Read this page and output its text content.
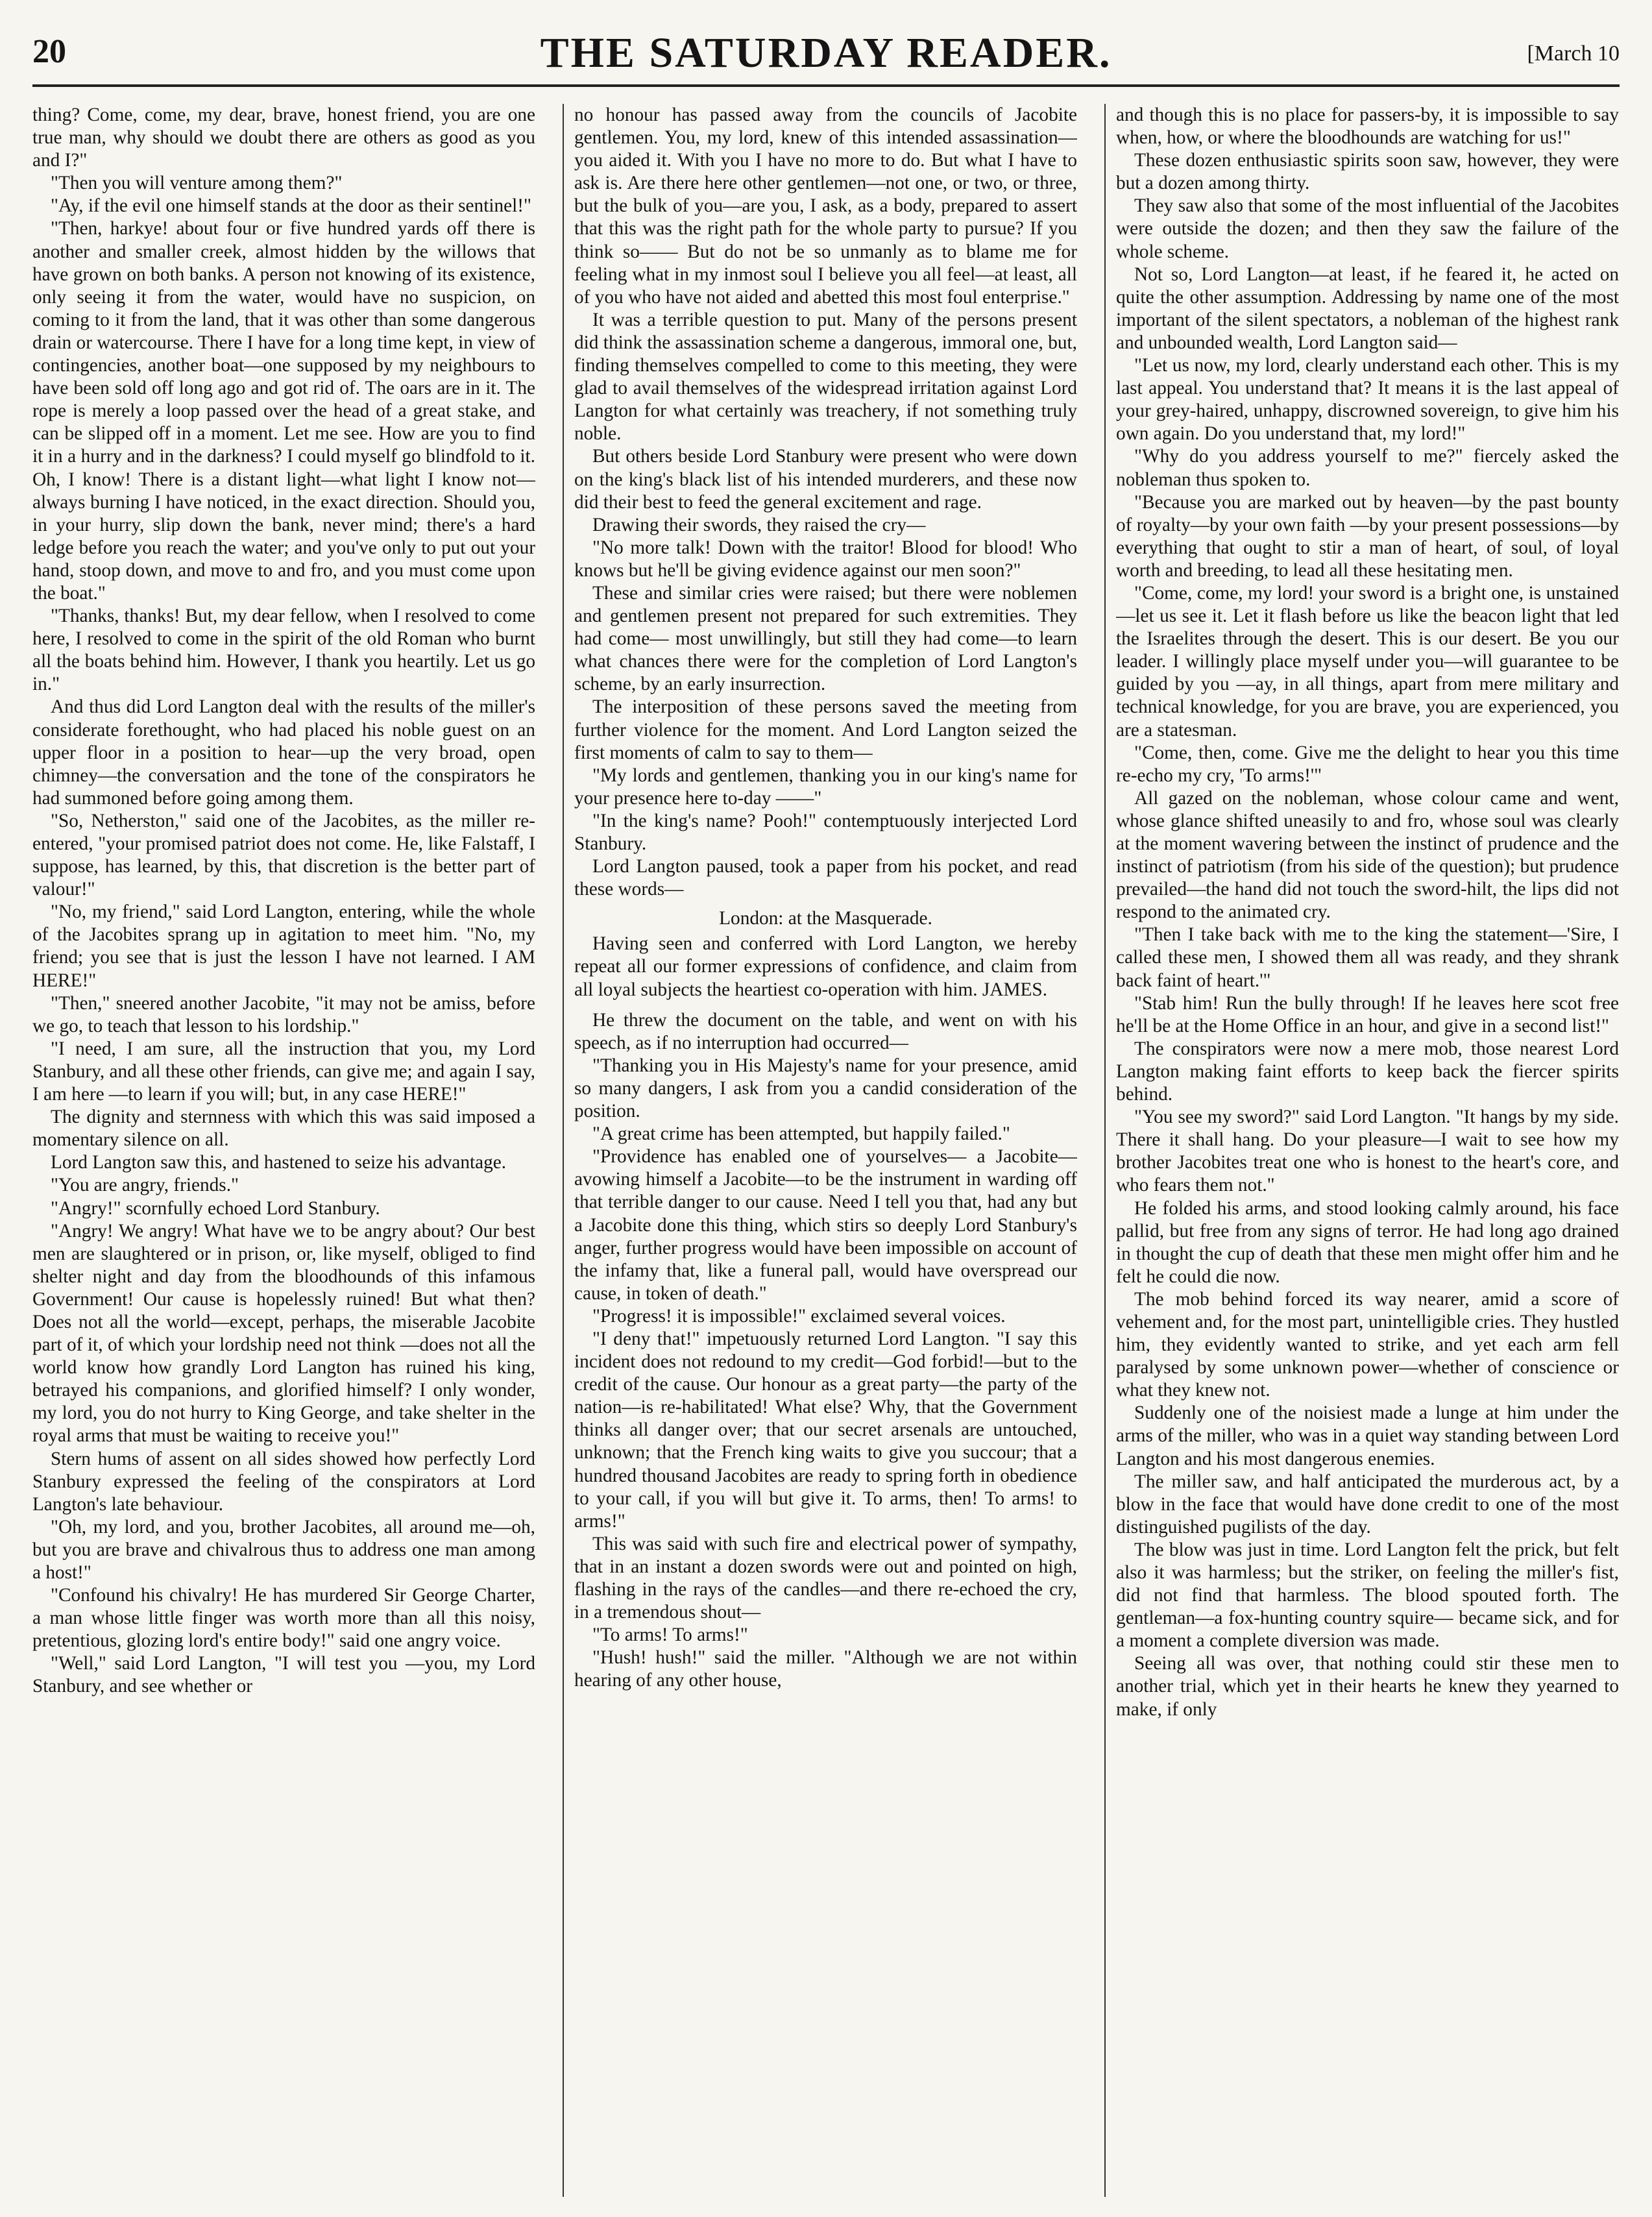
20	THE SATURDAY READER.	[March 10

thing? Come, come, my dear, brave, honest friend, you are one true man, why should we doubt there are others as good as you and I?"

"Then you will venture among them?"

"Ay, if the evil one himself stands at the door as their sentinel!"

"Then, harkye! about four or five hundred yards off there is another and smaller creek, almost hidden by the willows that have grown on both banks. A person not knowing of its existence, only seeing it from the water, would have no suspicion, on coming to it from the land, that it was other than some dangerous drain or watercourse. There I have for a long time kept, in view of contingencies, another boat—one supposed by my neighbours to have been sold off long ago and got rid of. The oars are in it. The rope is merely a loop passed over the head of a great stake, and can be slipped off in a moment. Let me see. How are you to find it in a hurry and in the darkness? I could myself go blindfold to it. Oh, I know! There is a distant light—what light I know not—always burning I have noticed, in the exact direction. Should you, in your hurry, slip down the bank, never mind; there's a hard ledge before you reach the water; and you've only to put out your hand, stoop down, and move to and fro, and you must come upon the boat."

"Thanks, thanks! But, my dear fellow, when I resolved to come here, I resolved to come in the spirit of the old Roman who burnt all the boats behind him. However, I thank you heartily. Let us go in."

And thus did Lord Langton deal with the results of the miller's considerate forethought, who had placed his noble guest on an upper floor in a position to hear—up the very broad, open chimney—the conversation and the tone of the conspirators he had summoned before going among them.

"So, Netherston," said one of the Jacobites, as the miller re-entered, "your promised patriot does not come. He, like Falstaff, I suppose, has learned, by this, that discretion is the better part of valour!"

"No, my friend," said Lord Langton, entering, while the whole of the Jacobites sprang up in agitation to meet him. "No, my friend; you see that is just the lesson I have not learned. I AM HERE!"

"Then," sneered another Jacobite, "it may not be amiss, before we go, to teach that lesson to his lordship."

"I need, I am sure, all the instruction that you, my Lord Stanbury, and all these other friends, can give me; and again I say, I am here —to learn if you will; but, in any case HERE!"

The dignity and sternness with which this was said imposed a momentary silence on all.

Lord Langton saw this, and hastened to seize his advantage.

"You are angry, friends."

"Angry!" scornfully echoed Lord Stanbury.

"Angry! We angry! What have we to be angry about? Our best men are slaughtered or in prison, or, like myself, obliged to find shelter night and day from the bloodhounds of this infamous Government! Our cause is hopelessly ruined! But what then? Does not all the world—except, perhaps, the miserable Jacobite part of it, of which your lordship need not think —does not all the world know how grandly Lord Langton has ruined his king, betrayed his companions, and glorified himself? I only wonder, my lord, you do not hurry to King George, and take shelter in the royal arms that must be waiting to receive you!"

Stern hums of assent on all sides showed how perfectly Lord Stanbury expressed the feeling of the conspirators at Lord Langton's late behaviour.

"Oh, my lord, and you, brother Jacobites, all around me—oh, but you are brave and chivalrous thus to address one man among a host!"

"Confound his chivalry! He has murdered Sir George Charter, a man whose little finger was worth more than all this noisy, pretentious, glozing lord's entire body!" said one angry voice.

"Well," said Lord Langton, "I will test you —you, my Lord Stanbury, and see whether or

no honour has passed away from the councils of Jacobite gentlemen. You, my lord, knew of this intended assassination—you aided it. With you I have no more to do. But what I have to ask is. Are there here other gentlemen—not one, or two, or three, but the bulk of you—are you, I ask, as a body, prepared to assert that this was the right path for the whole party to pursue? If you think so—— But do not be so unmanly as to blame me for feeling what in my inmost soul I believe you all feel—at least, all of you who have not aided and abetted this most foul enterprise."

It was a terrible question to put. Many of the persons present did think the assassination scheme a dangerous, immoral one, but, finding themselves compelled to come to this meeting, they were glad to avail themselves of the widespread irritation against Lord Langton for what certainly was treachery, if not something truly noble.

But others beside Lord Stanbury were present who were down on the king's black list of his intended murderers, and these now did their best to feed the general excitement and rage.

Drawing their swords, they raised the cry—

"No more talk! Down with the traitor! Blood for blood! Who knows but he'll be giving evidence against our men soon?"

These and similar cries were raised; but there were noblemen and gentlemen present not prepared for such extremities. They had come— most unwillingly, but still they had come—to learn what chances there were for the completion of Lord Langton's scheme, by an early insurrection.

The interposition of these persons saved the meeting from further violence for the moment. And Lord Langton seized the first moments of calm to say to them—

"My lords and gentlemen, thanking you in our king's name for your presence here to-day ——"

"In the king's name? Pooh!" contemptuously interjected Lord Stanbury.

Lord Langton paused, took a paper from his pocket, and read these words—

London: at the Masquerade.

Having seen and conferred with Lord Langton, we hereby repeat all our former expressions of confidence, and claim from all loyal subjects the heartiest co-operation with him. JAMES.

He threw the document on the table, and went on with his speech, as if no interruption had occurred—

"Thanking you in His Majesty's name for your presence, amid so many dangers, I ask from you a candid consideration of the position.

"A great crime has been attempted, but happily failed."

"Providence has enabled one of yourselves— a Jacobite—avowing himself a Jacobite—to be the instrument in warding off that terrible danger to our cause. Need I tell you that, had any but a Jacobite done this thing, which stirs so deeply Lord Stanbury's anger, further progress would have been impossible on account of the infamy that, like a funeral pall, would have overspread our cause, in token of death."

"Progress! it is impossible!" exclaimed several voices.

"I deny that!" impetuously returned Lord Langton. "I say this incident does not redound to my credit—God forbid!—but to the credit of the cause. Our honour as a great party—the party of the nation—is re-habilitated! What else? Why, that the Government thinks all danger over; that our secret arsenals are untouched, unknown; that the French king waits to give you succour; that a hundred thousand Jacobites are ready to spring forth in obedience to your call, if you will but give it. To arms, then! To arms! to arms!"

This was said with such fire and electrical power of sympathy, that in an instant a dozen swords were out and pointed on high, flashing in the rays of the candles—and there re-echoed the cry, in a tremendous shout—

"To arms! To arms!"

"Hush! hush!" said the miller. "Although we are not within hearing of any other house,

and though this is no place for passers-by, it is impossible to say when, how, or where the bloodhounds are watching for us!"

These dozen enthusiastic spirits soon saw, however, they were but a dozen among thirty.

They saw also that some of the most influential of the Jacobites were outside the dozen; and then they saw the failure of the whole scheme.

Not so, Lord Langton—at least, if he feared it, he acted on quite the other assumption. Addressing by name one of the most important of the silent spectators, a nobleman of the highest rank and unbounded wealth, Lord Langton said—

"Let us now, my lord, clearly understand each other. This is my last appeal. You understand that? It means it is the last appeal of your grey-haired, unhappy, discrowned sovereign, to give him his own again. Do you understand that, my lord!"

"Why do you address yourself to me?" fiercely asked the nobleman thus spoken to.

"Because you are marked out by heaven—by the past bounty of royalty—by your own faith —by your present possessions—by everything that ought to stir a man of heart, of soul, of loyal worth and breeding, to lead all these hesitating men.

"Come, come, my lord! your sword is a bright one, is unstained—let us see it. Let it flash before us like the beacon light that led the Israelites through the desert. This is our desert. Be you our leader. I willingly place myself under you—will guarantee to be guided by you —ay, in all things, apart from mere military and technical knowledge, for you are brave, you are experienced, you are a statesman.

"Come, then, come. Give me the delight to hear you this time re-echo my cry, 'To arms!'"

All gazed on the nobleman, whose colour came and went, whose glance shifted uneasily to and fro, whose soul was clearly at the moment wavering between the instinct of prudence and the instinct of patriotism (from his side of the question); but prudence prevailed—the hand did not touch the sword-hilt, the lips did not respond to the animated cry.

"Then I take back with me to the king the statement—'Sire, I called these men, I showed them all was ready, and they shrank back faint of heart.'"

"Stab him! Run the bully through! If he leaves here scot free he'll be at the Home Office in an hour, and give in a second list!"

The conspirators were now a mere mob, those nearest Lord Langton making faint efforts to keep back the fiercer spirits behind.

"You see my sword?" said Lord Langton. "It hangs by my side. There it shall hang. Do your pleasure—I wait to see how my brother Jacobites treat one who is honest to the heart's core, and who fears them not."

He folded his arms, and stood looking calmly around, his face pallid, but free from any signs of terror. He had long ago drained in thought the cup of death that these men might offer him and he felt he could die now.

The mob behind forced its way nearer, amid a score of vehement and, for the most part, unintelligible cries. They hustled him, they evidently wanted to strike, and yet each arm fell paralysed by some unknown power—whether of conscience or what they knew not.

Suddenly one of the noisiest made a lunge at him under the arms of the miller, who was in a quiet way standing between Lord Langton and his most dangerous enemies.

The miller saw, and half anticipated the murderous act, by a blow in the face that would have done credit to one of the most distinguished pugilists of the day.

The blow was just in time. Lord Langton felt the prick, but felt also it was harmless; but the striker, on feeling the miller's fist, did not find that harmless. The blood spouted forth. The gentleman—a fox-hunting country squire— became sick, and for a moment a complete diversion was made.

Seeing all was over, that nothing could stir these men to another trial, which yet in their hearts he knew they yearned to make, if only
